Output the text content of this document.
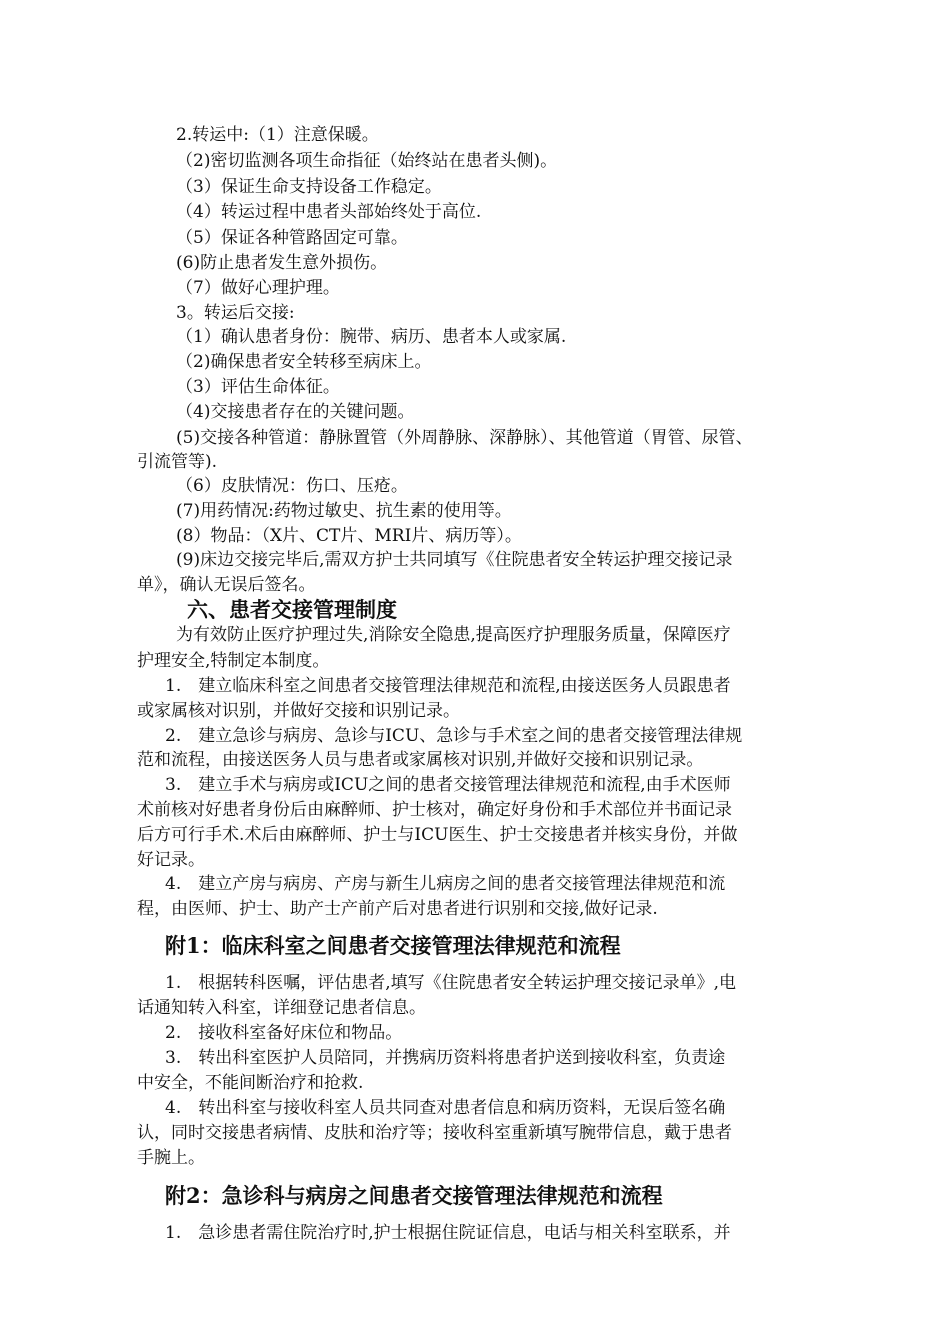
2.转运中:（1）注意保暖。
（2)密切监测各项生命指征（始终站在患者头侧)。
（3）保证生命支持设备工作稳定。
（4）转运过程中患者头部始终处于高位.
（5）保证各种管路固定可靠。
(6)防止患者发生意外损伤。
（7）做好心理护理。
3。转运后交接:
（1）确认患者身份：腕带、病历、患者本人或家属.
（2)确保患者安全转移至病床上。
（3）评估生命体征。
（4)交接患者存在的关键问题。
(5)交接各种管道：静脉置管（外周静脉、深静脉）、其他管道（胃管、尿管、
引流管等).
（6）皮肤情况：伤口、压疮。
(7)用药情况:药物过敏史、抗生素的使用等。
(8）物品：（X片、CT片、MRI片、病历等）。
(9)床边交接完毕后,需双方护士共同填写《住院患者安全转运护理交接记录
单》，确认无误后签名。
六、患者交接管理制度
为有效防止医疗护理过失,消除安全隐患,提高医疗护理服务质量，保障医疗
护理安全,特制定本制度。
1.　建立临床科室之间患者交接管理法律规范和流程,由接送医务人员跟患者
或家属核对识别，并做好交接和识别记录。
2.　建立急诊与病房、急诊与ICU、急诊与手术室之间的患者交接管理法律规
范和流程，由接送医务人员与患者或家属核对识别,并做好交接和识别记录。
3.　建立手术与病房或ICU之间的患者交接管理法律规范和流程,由手术医师
术前核对好患者身份后由麻醉师、护士核对，确定好身份和手术部位并书面记录
后方可行手术.术后由麻醉师、护士与ICU医生、护士交接患者并核实身份，并做
好记录。
4.　建立产房与病房、产房与新生儿病房之间的患者交接管理法律规范和流
程，由医师、护士、助产士产前产后对患者进行识别和交接,做好记录.
附1：临床科室之间患者交接管理法律规范和流程
1.　根据转科医嘱，评估患者,填写《住院患者安全转运护理交接记录单》,电
话通知转入科室，详细登记患者信息。
2.　接收科室备好床位和物品。
3.　转出科室医护人员陪同，并携病历资料将患者护送到接收科室，负责途
中安全，不能间断治疗和抢救.
4.　转出科室与接收科室人员共同查对患者信息和病历资料，无误后签名确
认，同时交接患者病情、皮肤和治疗等；接收科室重新填写腕带信息，戴于患者
手腕上。
附2：急诊科与病房之间患者交接管理法律规范和流程
1.　急诊患者需住院治疗时,护士根据住院证信息，电话与相关科室联系，并
